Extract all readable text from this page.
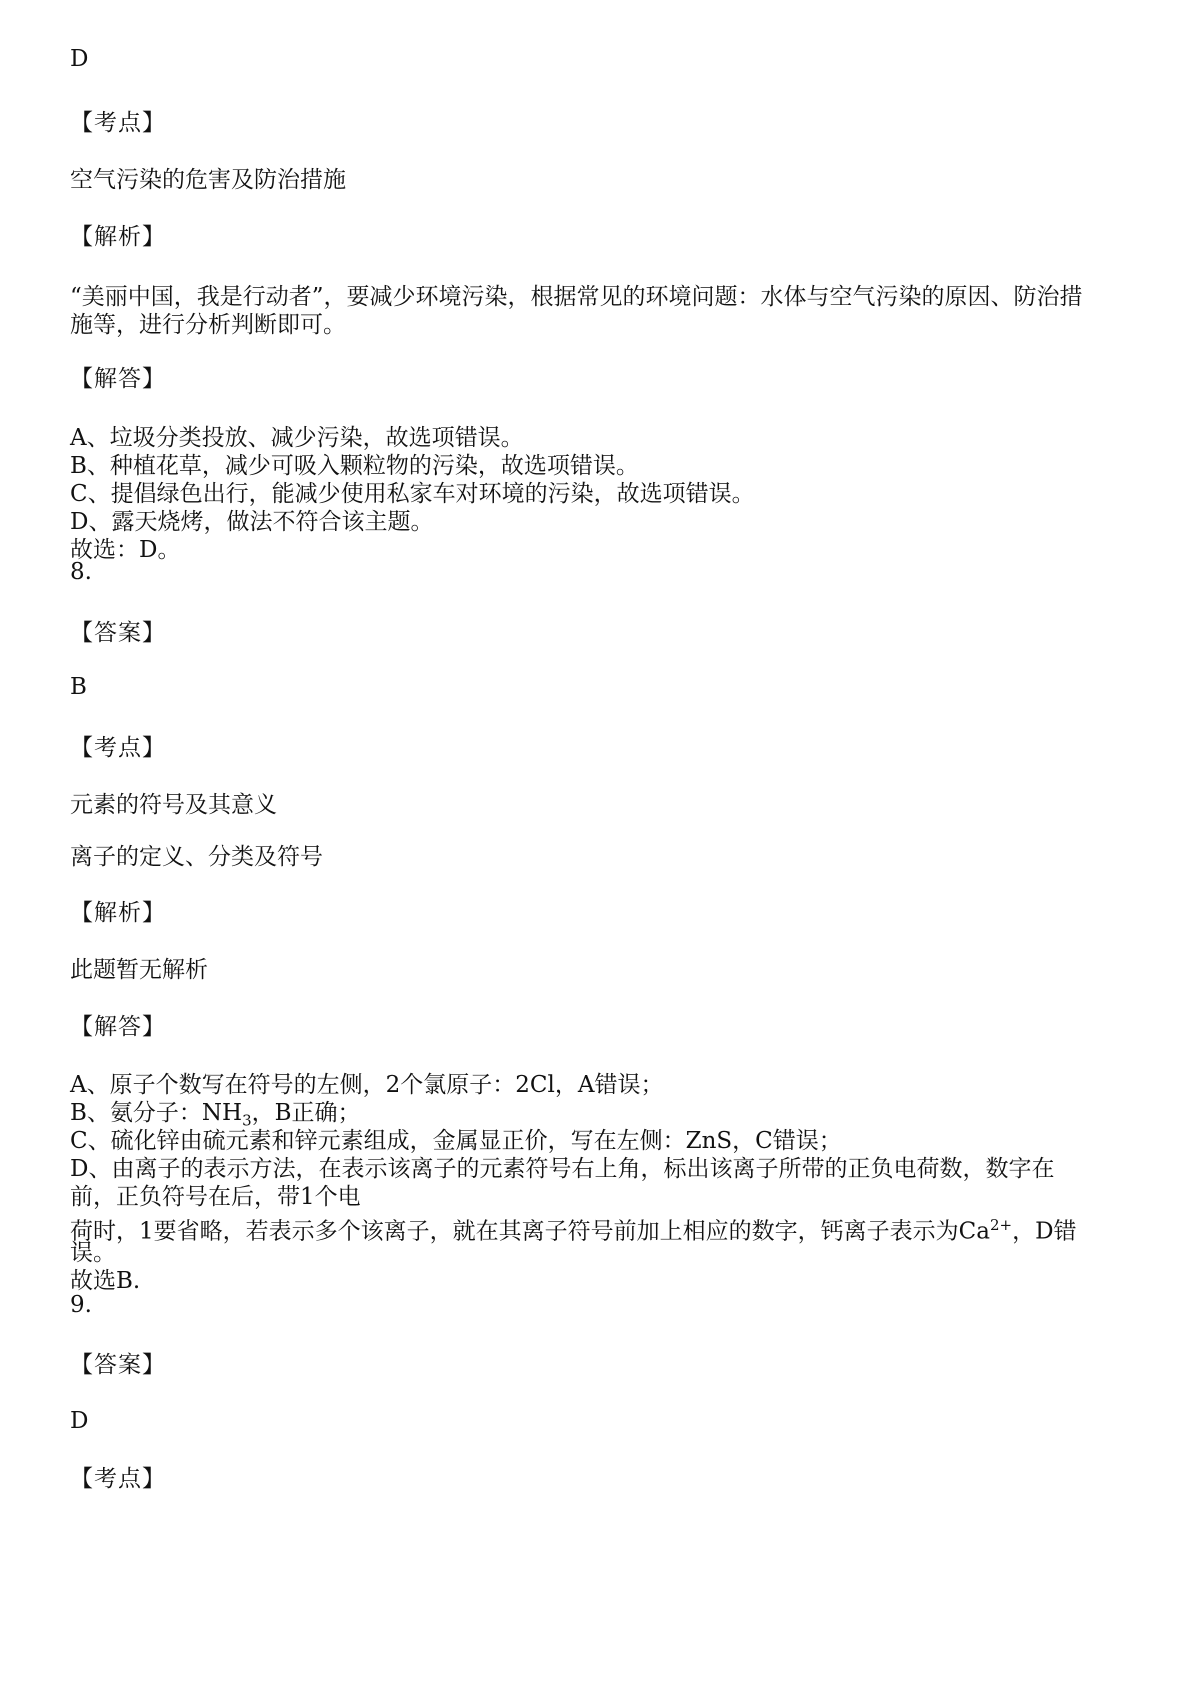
D
【考点】
空气污染的危害及防治措施
【解析】
“美丽中国，我是行动者”，要减少环境污染，根据常见的环境问题：水体与空气污染的原因、防治措
施等，进行分析判断即可。
【解答】
A、垃圾分类投放、减少污染，故选项错误。
B、种植花草，减少可吸入颗粒物的污染，故选项错误。
C、提倡绿色出行，能减少使用私家车对环境的污染，故选项错误。
D、露天烧烤，做法不符合该主题。
故选：D。
8.
【答案】
B
【考点】
元素的符号及其意义
离子的定义、分类及符号
【解析】
此题暂无解析
【解答】
A、原子个数写在符号的左侧，2个氯原子：2Cl，A错误；
B、氨分子：$NH_3$，B正确；
C、硫化锌由硫元素和锌元素组成，金属显正价，写在左侧：ZnS，C错误；
D、由离子的表示方法，在表示该离子的元素符号右上角，标出该离子所带的正负电荷数，数字在
前，正负符号在后，带1个电
荷时，1要省略，若表示多个该离子，就在其离子符号前加上相应的数字，钙离子表示为$Ca^{2+}$，D错
误。
故选B.
9.
【答案】
D
【考点】
